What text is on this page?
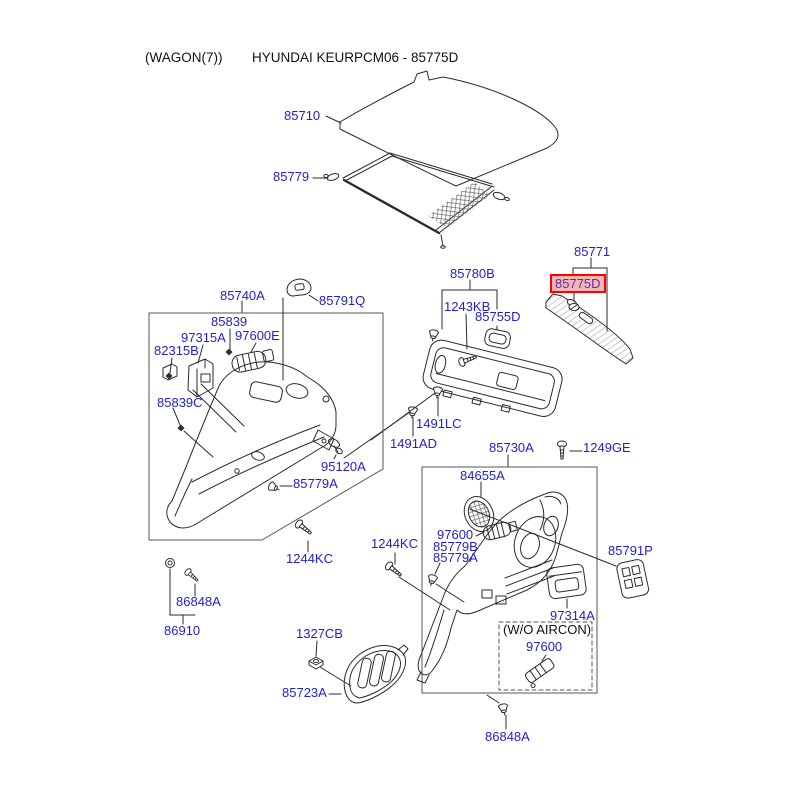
(WAGON(7)) HYUNDAI KEURPCM06 - 85775D
85710
85779
85771
85775D
85780B
1243KB
85755D
85740A	85791Q
85839
97315A 97600E
82315B
85839C
95120A
85779A
1244KC
1244KC
86848A
86910	1327CB
85723A
1491LC
1491AD	85730A	1249GE
84655A
97600
85779B
85779A	85791P
97314A
(W/O AIRCON)
97600
86848A
